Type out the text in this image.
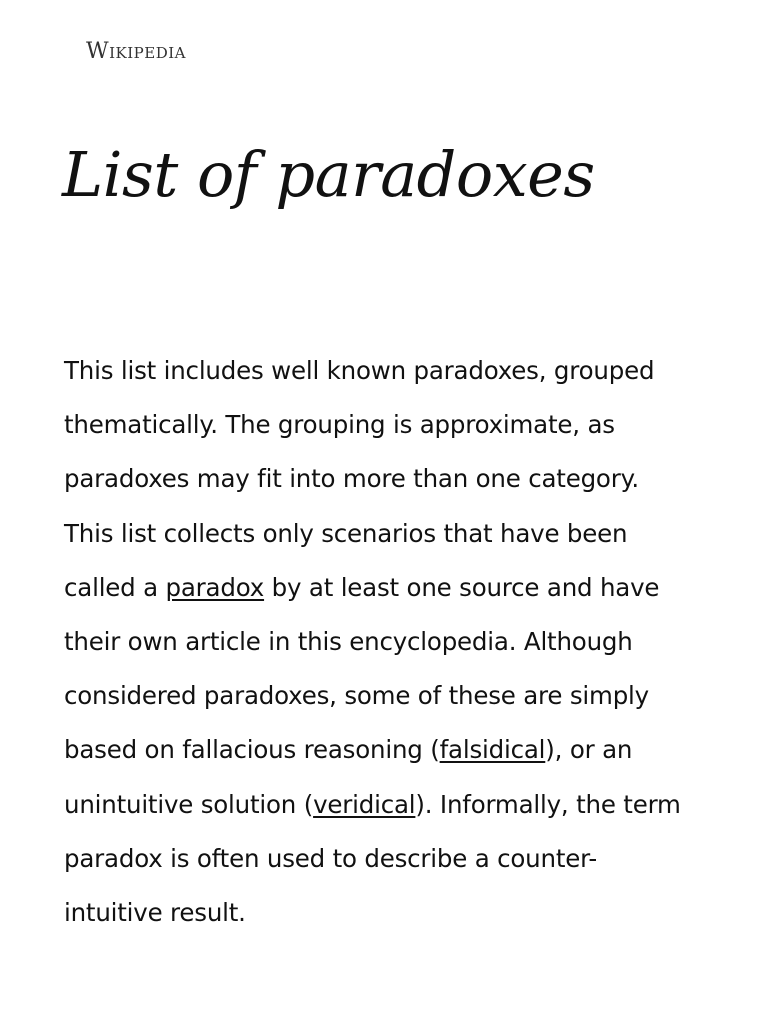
Wikipedia
List of paradoxes

This list includes well known paradoxes, grouped thematically. The grouping is approximate, as paradoxes may fit into more than one category. This list collects only scenarios that have been called a paradox by at least one source and have their own article in this encyclopedia. Although considered paradoxes, some of these are simply based on fallacious reasoning (falsidical), or an unintuitive solution (veridical). Informally, the term paradox is often used to describe a counter-intuitive result.
